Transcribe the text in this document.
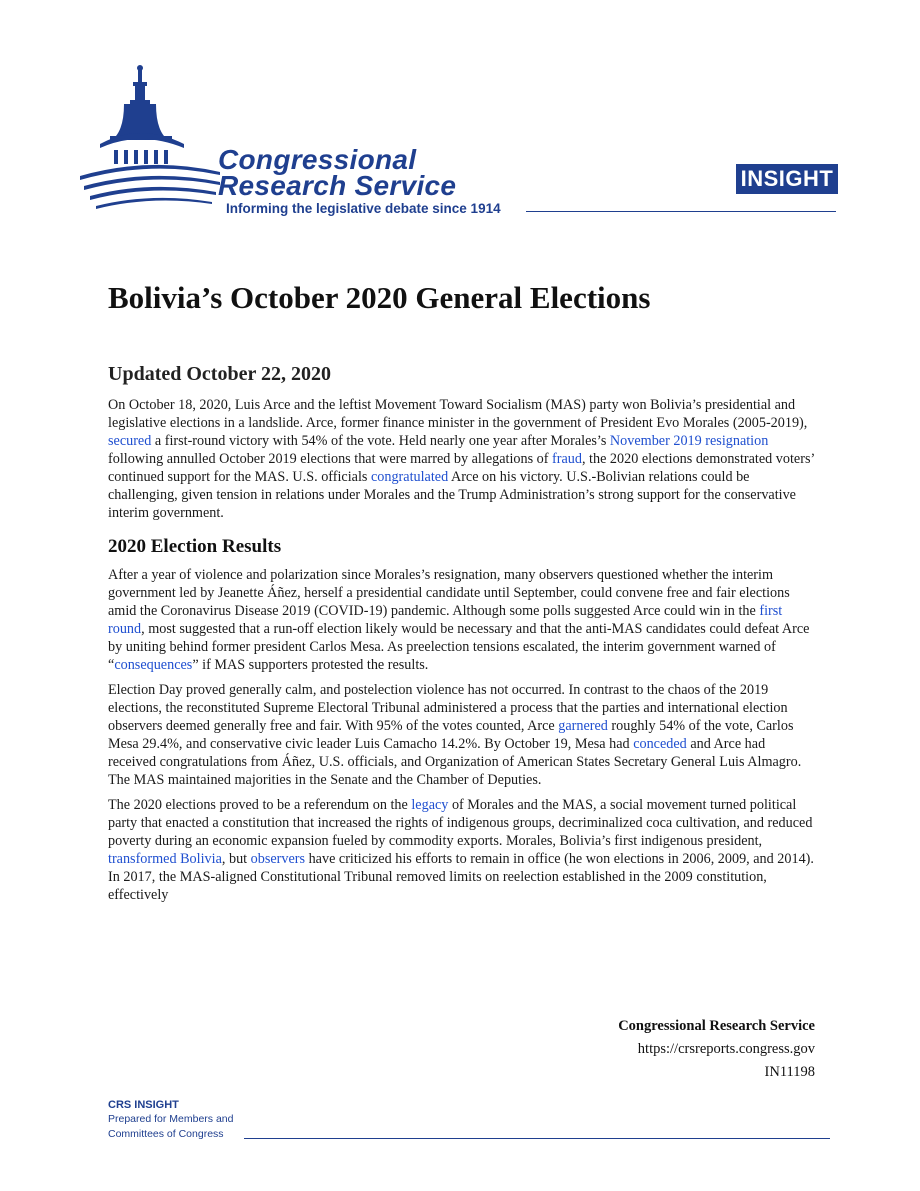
Congressional
Research Service
Informing the legislative debate since 1914
INSIGHT
Bolivia’s October 2020 General Elections
Updated October 22, 2020

On October 18, 2020, Luis Arce and the leftist Movement Toward Socialism (MAS) party won Bolivia’s presidential and legislative elections in a landslide. Arce, former finance minister in the government of President Evo Morales (2005-2019), secured a first-round victory with 54% of the vote. Held nearly one year after Morales’s November 2019 resignation following annulled October 2019 elections that were marred by allegations of fraud, the 2020 elections demonstrated voters’ continued support for the MAS. U.S. officials congratulated Arce on his victory. U.S.-Bolivian relations could be challenging, given tension in relations under Morales and the Trump Administration’s strong support for the conservative interim government.

2020 Election Results

After a year of violence and polarization since Morales’s resignation, many observers questioned whether the interim government led by Jeanette Áñez, herself a presidential candidate until September, could convene free and fair elections amid the Coronavirus Disease 2019 (COVID-19) pandemic. Although some polls suggested Arce could win in the first round, most suggested that a run-off election likely would be necessary and that the anti-MAS candidates could defeat Arce by uniting behind former president Carlos Mesa. As preelection tensions escalated, the interim government warned of “consequences” if MAS supporters protested the results.

Election Day proved generally calm, and postelection violence has not occurred. In contrast to the chaos of the 2019 elections, the reconstituted Supreme Electoral Tribunal administered a process that the parties and international election observers deemed generally free and fair. With 95% of the votes counted, Arce garnered roughly 54% of the vote, Carlos Mesa 29.4%, and conservative civic leader Luis Camacho 14.2%. By October 19, Mesa had conceded and Arce had received congratulations from Áñez, U.S. officials, and Organization of American States Secretary General Luis Almagro. The MAS maintained majorities in the Senate and the Chamber of Deputies.

The 2020 elections proved to be a referendum on the legacy of Morales and the MAS, a social movement turned political party that enacted a constitution that increased the rights of indigenous groups, decriminalized coca cultivation, and reduced poverty during an economic expansion fueled by commodity exports. Morales, Bolivia’s first indigenous president, transformed Bolivia, but observers have criticized his efforts to remain in office (he won elections in 2006, 2009, and 2014). In 2017, the MAS-aligned Constitutional Tribunal removed limits on reelection established in the 2009 constitution, effectively

Congressional Research Service
https://crsreports.congress.gov
IN11198
CRS INSIGHT
Prepared for Members and
Committees of Congress
